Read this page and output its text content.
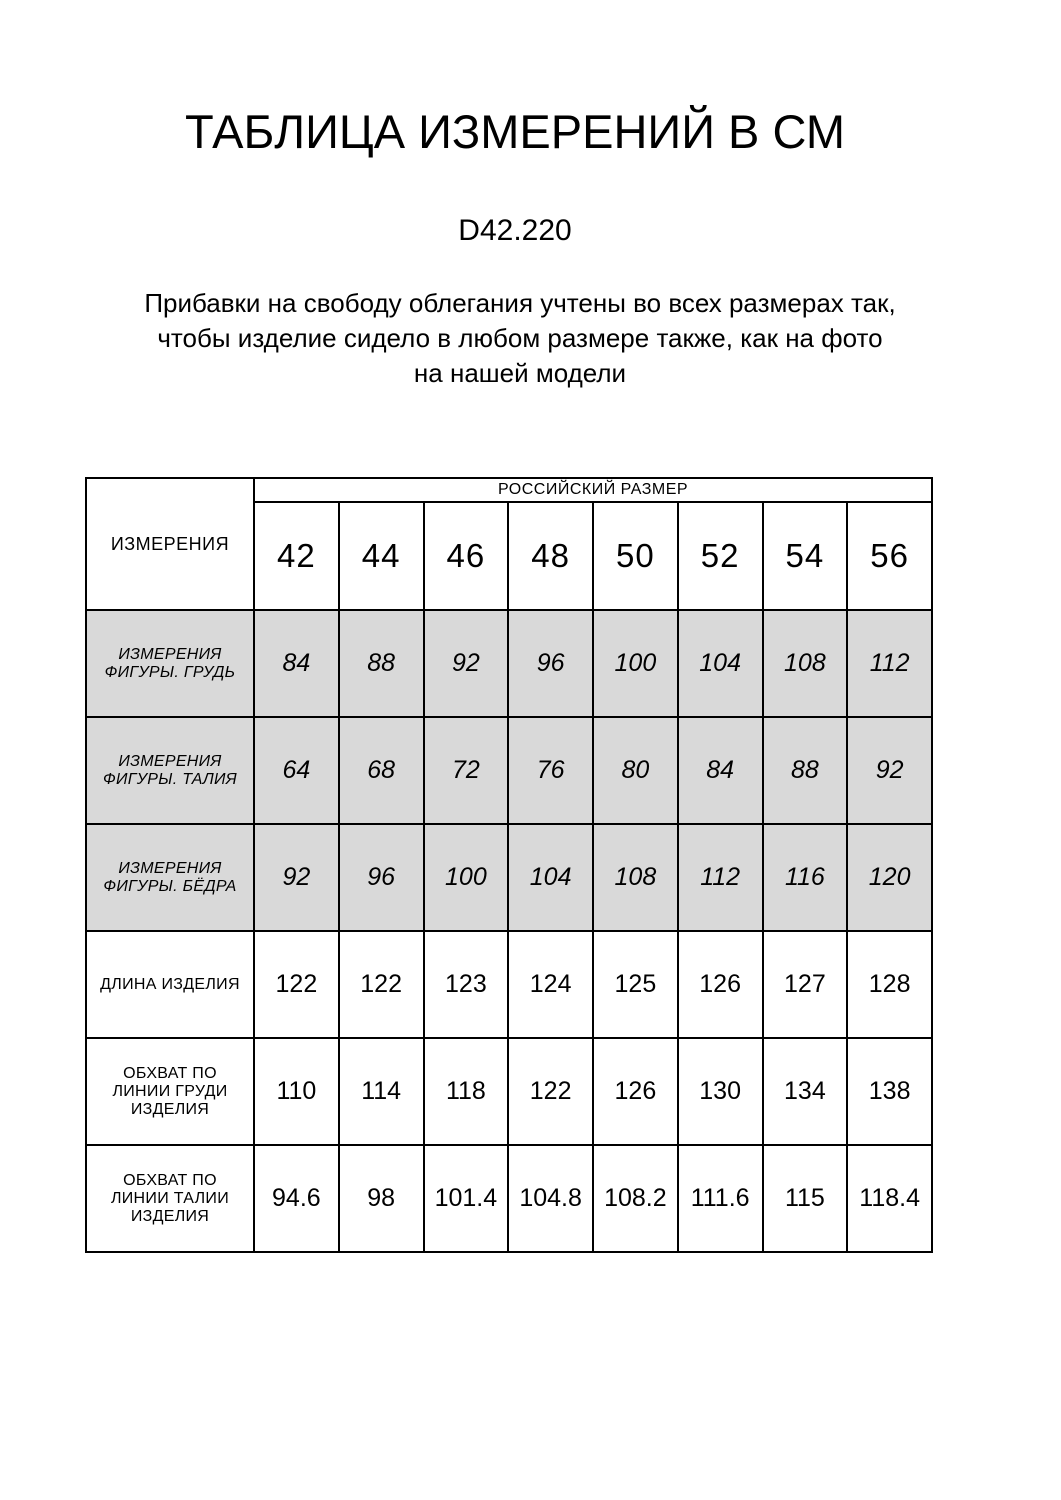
ТАБЛИЦА ИЗМЕРЕНИЙ В СМ
D42.220
Прибавки на свободу облегания учтены во всех размерах так,
чтобы изделие сидело в любом размере также, как на фото
на нашей модели
ИЗМЕРЕНИЯ	РОССИЙСКИЙ РАЗМЕР							
	42	44	46	48	50	52	54	56
ИЗМЕРЕНИЯ ФИГУРЫ. ГРУДЬ	84	88	92	96	100	104	108	112
ИЗМЕРЕНИЯ ФИГУРЫ. ТАЛИЯ	64	68	72	76	80	84	88	92
ИЗМЕРЕНИЯ ФИГУРЫ. БЁДРА	92	96	100	104	108	112	116	120
ДЛИНА ИЗДЕЛИЯ	122	122	123	124	125	126	127	128
ОБХВАТ ПО ЛИНИИ ГРУДИ ИЗДЕЛИЯ	110	114	118	122	126	130	134	138
ОБХВАТ ПО ЛИНИИ ТАЛИИ ИЗДЕЛИЯ	94.6	98	101.4	104.8	108.2	111.6	115	118.4
